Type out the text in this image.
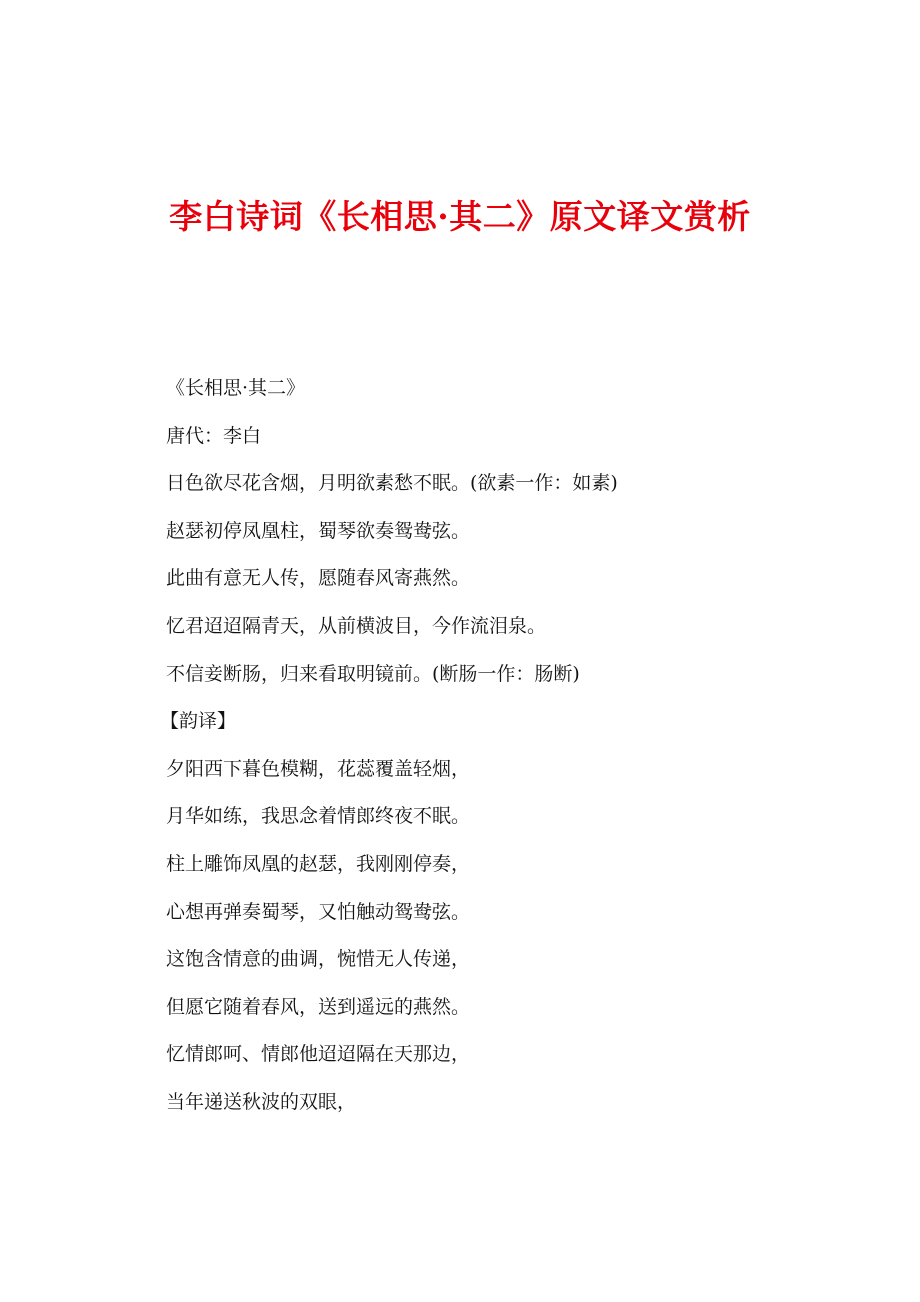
李白诗词《长相思·其二》原文译文赏析
《长相思·其二》
唐代：李白
日色欲尽花含烟，月明欲素愁不眠。(欲素一作：如素)
赵瑟初停凤凰柱，蜀琴欲奏鸳鸯弦。
此曲有意无人传，愿随春风寄燕然。
忆君迢迢隔青天，从前横波目，今作流泪泉。
不信妾断肠，归来看取明镜前。(断肠一作：肠断)
【韵译】
夕阳西下暮色模糊，花蕊覆盖轻烟，
月华如练，我思念着情郎终夜不眠。
柱上雕饰凤凰的赵瑟，我刚刚停奏，
心想再弹奏蜀琴，又怕触动鸳鸯弦。
这饱含情意的曲调，惋惜无人传递，
但愿它随着春风，送到遥远的燕然。
忆情郎呵、情郎他迢迢隔在天那边，
当年递送秋波的双眼，
